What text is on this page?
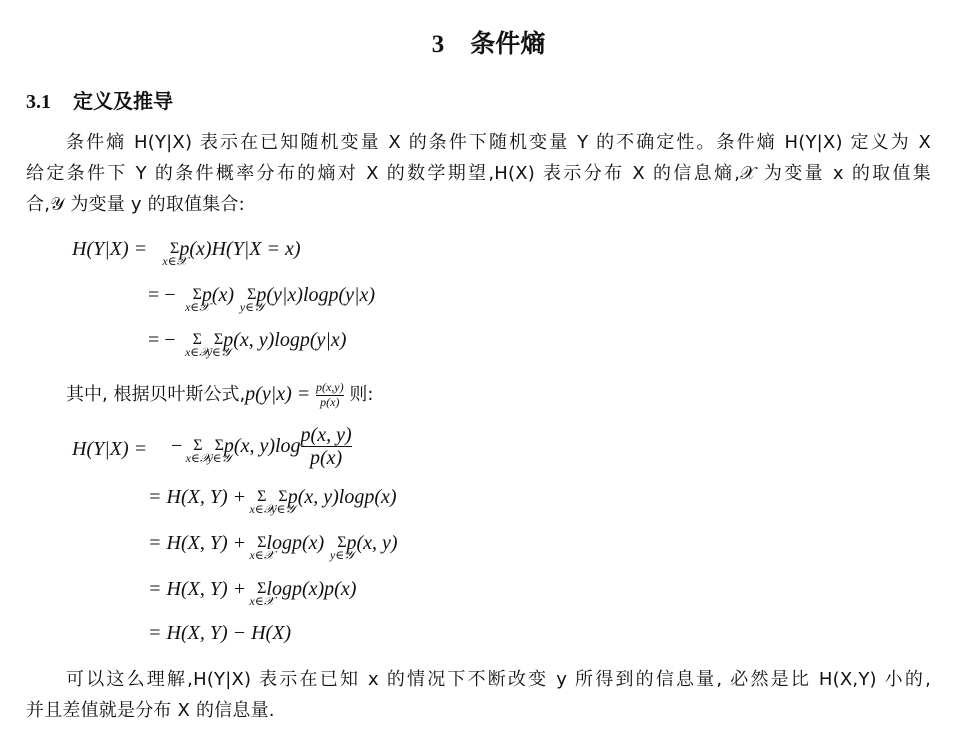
3 条件熵
3.1 定义及推导
条件熵 H(Y|X) 表示在已知随机变量 X 的条件下随机变量 Y 的不确定性。条件熵 H(Y|X) 定义为 X
给定条件下 Y 的条件概率分布的熵对 X 的数学期望,H(X) 表示分布 X 的信息熵,𝒳 为变量 x 的取值集
合,𝒴 为变量 y 的取值集合:
H(Y|X) = Σ
x∈𝒳
p(x)H(Y|X = x)
= − Σ
x∈𝒳
p(x) Σ
y∈𝒴
p(y|x)logp(y|x)
= − Σ
x∈𝒳
Σ
y∈𝒴
p(x, y)logp(y|x)
其中, 根据贝叶斯公式$,p(y|x) = \frac{p(x,y)}{p(x)}$ 则:
H(Y|X) = − Σ
x∈𝒳
Σ
y∈𝒴
p(x, $y)\log \frac{p(x, y)}{p(x)}$
= H(X, Y) + Σ
x∈𝒳
Σ
y∈𝒴
p(x, y)logp(x)
= H(X, Y) + Σ
x∈𝒳
logp(x) Σ
y∈𝒴
p(x, y)
= H(X, Y) + Σ
x∈𝒳
logp(x)p(x)
= H(X, Y) − H(X)
可以这么理解,H(Y|X) 表示在已知 x 的情况下不断改变 y 所得到的信息量, 必然是比 H(X,Y) 小的,
并且差值就是分布 X 的信息量.
